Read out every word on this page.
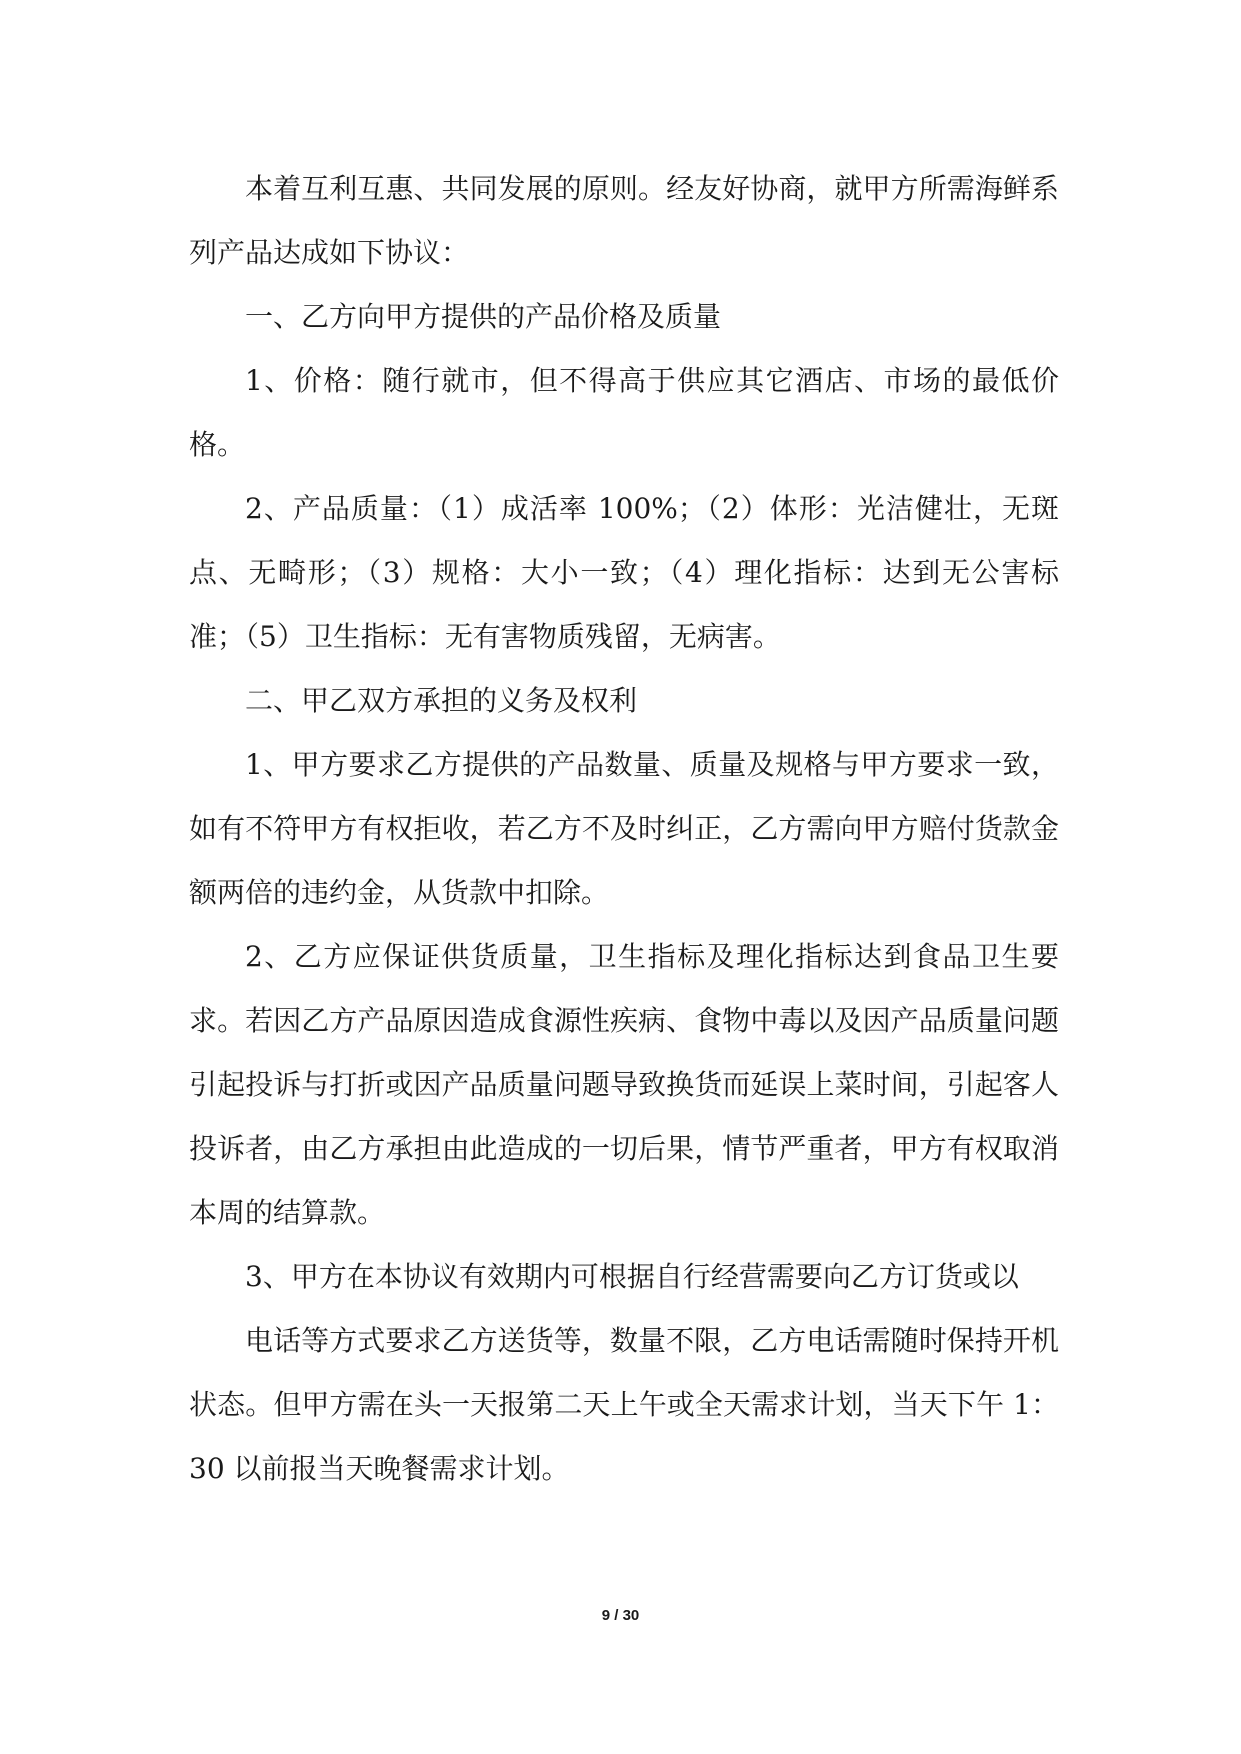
本着互利互惠、共同发展的原则。经友好协商，就甲方所需海鲜系列产品达成如下协议：

一、乙方向甲方提供的产品价格及质量

1、价格：随行就市，但不得高于供应其它酒店、市场的最低价格。

2、产品质量：（1）成活率 100%；（2）体形：光洁健壮，无斑点、无畸形；（3）规格：大小一致；（4）理化指标：达到无公害标准；（5）卫生指标：无有害物质残留，无病害。

二、甲乙双方承担的义务及权利

1、甲方要求乙方提供的产品数量、质量及规格与甲方要求一致，如有不符甲方有权拒收，若乙方不及时纠正，乙方需向甲方赔付货款金额两倍的违约金，从货款中扣除。

2、乙方应保证供货质量，卫生指标及理化指标达到食品卫生要求。若因乙方产品原因造成食源性疾病、食物中毒以及因产品质量问题引起投诉与打折或因产品质量问题导致换货而延误上菜时间，引起客人投诉者，由乙方承担由此造成的一切后果，情节严重者，甲方有权取消本周的结算款。

3、甲方在本协议有效期内可根据自行经营需要向乙方订货或以

电话等方式要求乙方送货等，数量不限，乙方电话需随时保持开机状态。但甲方需在头一天报第二天上午或全天需求计划，当天下午 1：30 以前报当天晚餐需求计划。

9 / 30
